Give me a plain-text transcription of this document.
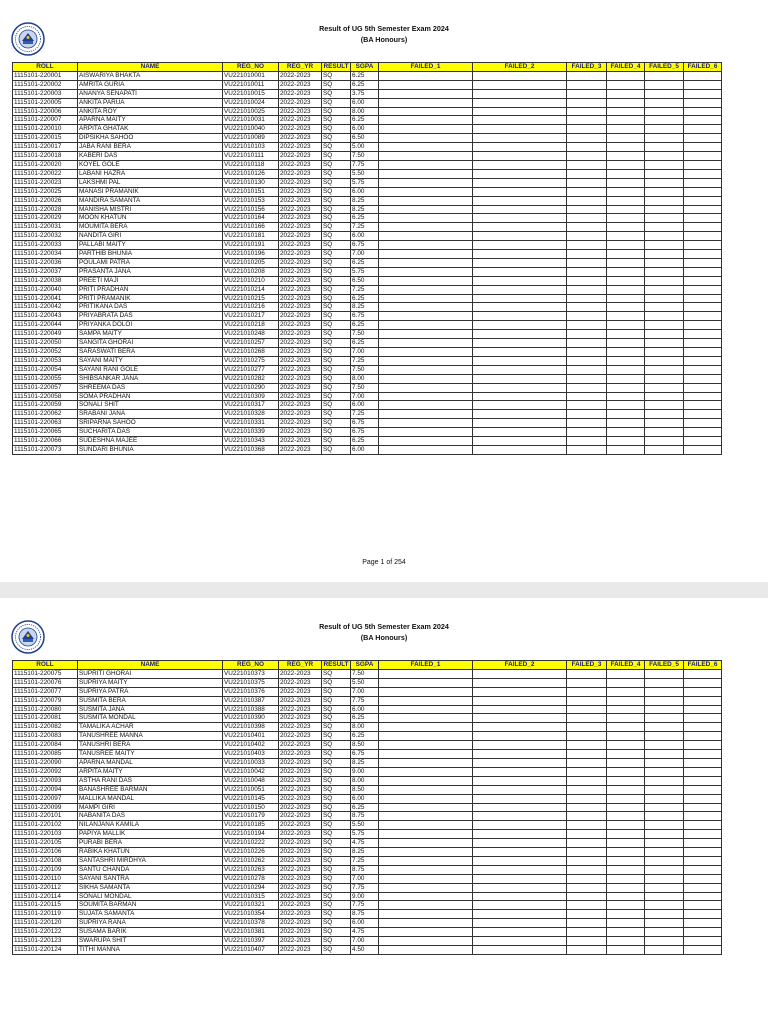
Result of UG 5th Semester Exam 2024
(BA Honours)
ROLL	NAME	REG_NO	REG_YR	RESULT	SGPA	FAILED_1	FAILED_2	FAILED_3	FAILED_4	FAILED_5	FAILED_6
1115101-220001	AISWARIYA BHAKTA	VU221010001	2022-2023	SQ	6.25						
1115101-220002	AMRITA GURIA	VU221010011	2022-2023	SQ	6.25						
1115101-220003	ANANYA SENAPATI	VU221010015	2022-2023	SQ	3.75						
1115101-220005	ANKITA PARUA	VU221010024	2022-2023	SQ	6.00						
1115101-220006	ANKITA ROY	VU221010025	2022-2023	SQ	8.00						
1115101-220007	APARNA MAITY	VU221010031	2022-2023	SQ	6.25						
1115101-220010	ARPITA GHATAK	VU221010040	2022-2023	SQ	6.00						
1115101-220015	DIPSIKHA SAHOO	VU221010089	2022-2023	SQ	6.50						
1115101-220017	JABA RANI BERA	VU221010103	2022-2023	SQ	5.00						
1115101-220018	KABERI DAS	VU221010111	2022-2023	SQ	7.50						
1115101-220020	KOYEL GOLE	VU221010118	2022-2023	SQ	7.75						
1115101-220022	LABANI HAZRA	VU221010126	2022-2023	SQ	5.50						
1115101-220023	LAKSHMI PAL	VU221010130	2022-2023	SQ	5.75						
1115101-220025	MANASI PRAMANIK	VU221010151	2022-2023	SQ	6.00						
1115101-220026	MANDIRA SAMANTA	VU221010153	2022-2023	SQ	8.25						
1115101-220028	MANISHA MISTRI	VU221010156	2022-2023	SQ	8.25						
1115101-220029	MOON KHATUN	VU221010164	2022-2023	SQ	6.25						
1115101-220031	MOUMITA BERA	VU221010166	2022-2023	SQ	7.25						
1115101-220032	NANDITA GIRI	VU221010181	2022-2023	SQ	6.00						
1115101-220033	PALLABI MAITY	VU221010191	2022-2023	SQ	6.75						
1115101-220034	PARTHIB BHUNIA	VU221010196	2022-2023	SQ	7.00						
1115101-220036	POULAMI PATRA	VU221010205	2022-2023	SQ	6.25						
1115101-220037	PRASANTA JANA	VU221010208	2022-2023	SQ	5.75						
1115101-220038	PREETI MAJI	VU221010210	2022-2023	SQ	6.50						
1115101-220040	PRITI PRADHAN	VU221010214	2022-2023	SQ	7.25						
1115101-220041	PRITI PRAMANIK	VU221010215	2022-2023	SQ	6.25						
1115101-220042	PRITIKANA DAS	VU221010216	2022-2023	SQ	8.25						
1115101-220043	PRIYABRATA DAS	VU221010217	2022-2023	SQ	6.75						
1115101-220044	PRIYANKA DOLOI	VU221010218	2022-2023	SQ	6.25						
1115101-220049	SAMPA MAITY	VU221010248	2022-2023	SQ	7.50						
1115101-220050	SANGITA GHORAI	VU221010257	2022-2023	SQ	6.25						
1115101-220052	SARASWATI BERA	VU221010268	2022-2023	SQ	7.00						
1115101-220053	SAYANI MAITY	VU221010275	2022-2023	SQ	7.25						
1115101-220054	SAYANI RANI GOLE	VU221010277	2022-2023	SQ	7.50						
1115101-220055	SHIBSANKAR JANA	VU221010282	2022-2023	SQ	8.00						
1115101-220057	SHREEMA DAS	VU221010290	2022-2023	SQ	7.50						
1115101-220058	SOMA PRADHAN	VU221010309	2022-2023	SQ	7.00						
1115101-220059	SONALI SHIT	VU221010317	2022-2023	SQ	6.00						
1115101-220062	SRABANI JANA	VU221010328	2022-2023	SQ	7.25						
1115101-220063	SRIPARNA SAHOO	VU221010331	2022-2023	SQ	6.75						
1115101-220065	SUCHARITA DAS	VU221010339	2022-2023	SQ	6.75						
1115101-220066	SUDESHNA MAJEE	VU221010343	2022-2023	SQ	6.25						
1115101-220073	SUNDARI BHUNIA	VU221010368	2022-2023	SQ	6.00						
Page 1 of 254
Result of UG 5th Semester Exam 2024
(BA Honours)
ROLL	NAME	REG_NO	REG_YR	RESULT	SGPA	FAILED_1	FAILED_2	FAILED_3	FAILED_4	FAILED_5	FAILED_6
1115101-220075	SUPRITI GHORAI	VU221010373	2022-2023	SQ	7.50						
1115101-220076	SUPRIYA MAITY	VU221010375	2022-2023	SQ	5.50						
1115101-220077	SUPRIYA PATRA	VU221010376	2022-2023	SQ	7.00						
1115101-220079	SUSMITA BERA	VU221010387	2022-2023	SQ	7.75						
1115101-220080	SUSMITA JANA	VU221010388	2022-2023	SQ	6.00						
1115101-220081	SUSMITA MONDAL	VU221010390	2022-2023	SQ	6.25						
1115101-220082	TAMALIKA ACHAR	VU221010398	2022-2023	SQ	8.00						
1115101-220083	TANUSHREE MANNA	VU221010401	2022-2023	SQ	6.25						
1115101-220084	TANUSHRI BERA	VU221010402	2022-2023	SQ	8.50						
1115101-220085	TANUSREE MAITY	VU221010403	2022-2023	SQ	6.75						
1115101-220090	APARNA MANDAL	VU221010033	2022-2023	SQ	8.25						
1115101-220092	ARPITA MAITY	VU221010042	2022-2023	SQ	9.00						
1115101-220093	ASTHA RANI DAS	VU221010048	2022-2023	SQ	8.00						
1115101-220094	BANASHREE BARMAN	VU221010051	2022-2023	SQ	8.50						
1115101-220097	MALLIKA MANDAL	VU221010145	2022-2023	SQ	6.00						
1115101-220099	MAMPI GIRI	VU221010150	2022-2023	SQ	6.25						
1115101-220101	NABANITA DAS	VU221010179	2022-2023	SQ	8.75						
1115101-220102	NILANJANA KAMILA	VU221010185	2022-2023	SQ	5.50						
1115101-220103	PAPIYA MALLIK	VU221010194	2022-2023	SQ	5.75						
1115101-220105	PURABI BERA	VU221010222	2022-2023	SQ	4.75						
1115101-220106	RABIKA KHATUN	VU221010226	2022-2023	SQ	8.25						
1115101-220108	SANTASHRI MIRDHYA	VU221010262	2022-2023	SQ	7.25						
1115101-220109	SANTU CHANDA	VU221010263	2022-2023	SQ	8.75						
1115101-220110	SAYANI SANTRA	VU221010278	2022-2023	SQ	7.00						
1115101-220112	SIKHA SAMANTA	VU221010294	2022-2023	SQ	7.75						
1115101-220114	SONALI MONDAL	VU221010315	2022-2023	SQ	9.00						
1115101-220115	SOUMITA BARMAN	VU221010321	2022-2023	SQ	7.75						
1115101-220119	SUJATA SAMANTA	VU221010354	2022-2023	SQ	8.75						
1115101-220120	SUPRIYA RANA	VU221010378	2022-2023	SQ	6.00						
1115101-220122	SUSAMA BARIK	VU221010381	2022-2023	SQ	4.75						
1115101-220123	SWARUPA SHIT	VU221010397	2022-2023	SQ	7.00						
1115101-220124	TITHI MANNA	VU221010407	2022-2023	SQ	4.50						
